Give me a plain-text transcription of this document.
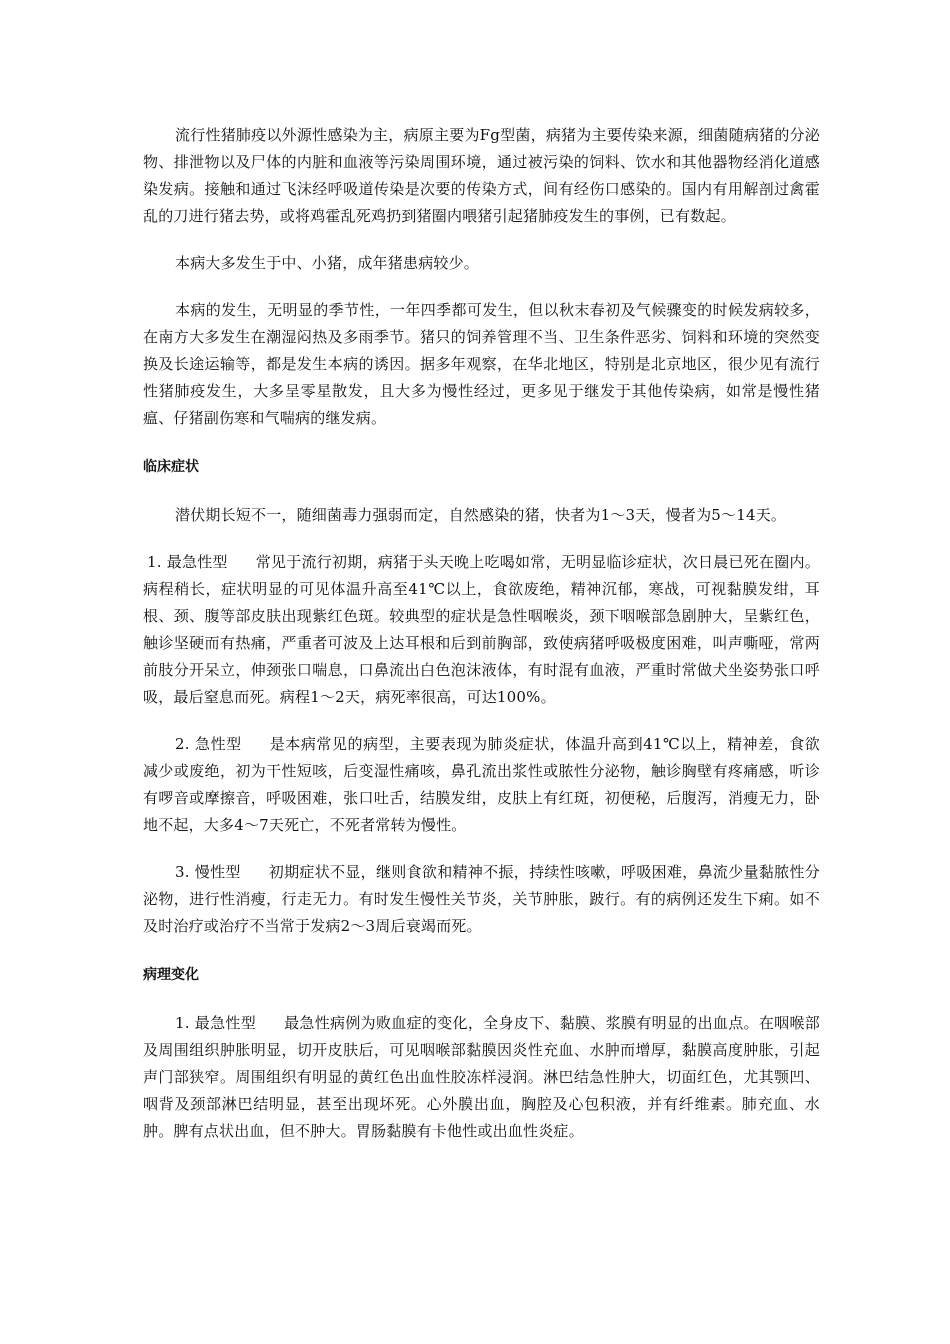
流行性猪肺疫以外源性感染为主，病原主要为Fg型菌，病猪为主要传染来源，细菌随病猪的分泌物、排泄物以及尸体的内脏和血液等污染周围环境，通过被污染的饲料、饮水和其他器物经消化道感染发病。接触和通过飞沫经呼吸道传染是次要的传染方式，间有经伤口感染的。国内有用解剖过禽霍乱的刀进行猪去势，或将鸡霍乱死鸡扔到猪圈内喂猪引起猪肺疫发生的事例，已有数起。

本病大多发生于中、小猪，成年猪患病较少。

本病的发生，无明显的季节性，一年四季都可发生，但以秋末春初及气候骤变的时候发病较多，在南方大多发生在潮湿闷热及多雨季节。猪只的饲养管理不当、卫生条件恶劣、饲料和环境的突然变换及长途运输等，都是发生本病的诱因。据多年观察，在华北地区，特别是北京地区，很少见有流行性猪肺疫发生，大多呈零星散发，且大多为慢性经过，更多见于继发于其他传染病，如常是慢性猪瘟、仔猪副伤寒和气喘病的继发病。

临床症状

潜伏期长短不一，随细菌毒力强弱而定，自然感染的猪，快者为1～3天，慢者为5～14天。

1. 最急性型 常见于流行初期，病猪于头天晚上吃喝如常，无明显临诊症状，次日晨已死在圈内。病程稍长，症状明显的可见体温升高至41℃以上，食欲废绝，精神沉郁，寒战，可视黏膜发绀，耳根、颈、腹等部皮肤出现紫红色斑。较典型的症状是急性咽喉炎，颈下咽喉部急剧肿大，呈紫红色，触诊坚硬而有热痛，严重者可波及上达耳根和后到前胸部，致使病猪呼吸极度困难，叫声嘶哑，常两前肢分开呆立，伸颈张口喘息，口鼻流出白色泡沫液体，有时混有血液，严重时常做犬坐姿势张口呼吸，最后窒息而死。病程1～2天，病死率很高，可达100%。

2. 急性型 是本病常见的病型，主要表现为肺炎症状，体温升高到41℃以上，精神差，食欲减少或废绝，初为干性短咳，后变湿性痛咳，鼻孔流出浆性或脓性分泌物，触诊胸壁有疼痛感，听诊有啰音或摩擦音，呼吸困难，张口吐舌，结膜发绀，皮肤上有红斑，初便秘，后腹泻，消瘦无力，卧地不起，大多4～7天死亡，不死者常转为慢性。

3. 慢性型 初期症状不显，继则食欲和精神不振，持续性咳嗽，呼吸困难，鼻流少量黏脓性分泌物，进行性消瘦，行走无力。有时发生慢性关节炎，关节肿胀，跛行。有的病例还发生下痢。如不及时治疗或治疗不当常于发病2～3周后衰竭而死。

病理变化

1. 最急性型 最急性病例为败血症的变化，全身皮下、黏膜、浆膜有明显的出血点。在咽喉部及周围组织肿胀明显，切开皮肤后，可见咽喉部黏膜因炎性充血、水肿而增厚，黏膜高度肿胀，引起声门部狭窄。周围组织有明显的黄红色出血性胶冻样浸润。淋巴结急性肿大，切面红色，尤其颚凹、咽背及颈部淋巴结明显，甚至出现坏死。心外膜出血，胸腔及心包积液，并有纤维素。肺充血、水肿。脾有点状出血，但不肿大。胃肠黏膜有卡他性或出血性炎症。
